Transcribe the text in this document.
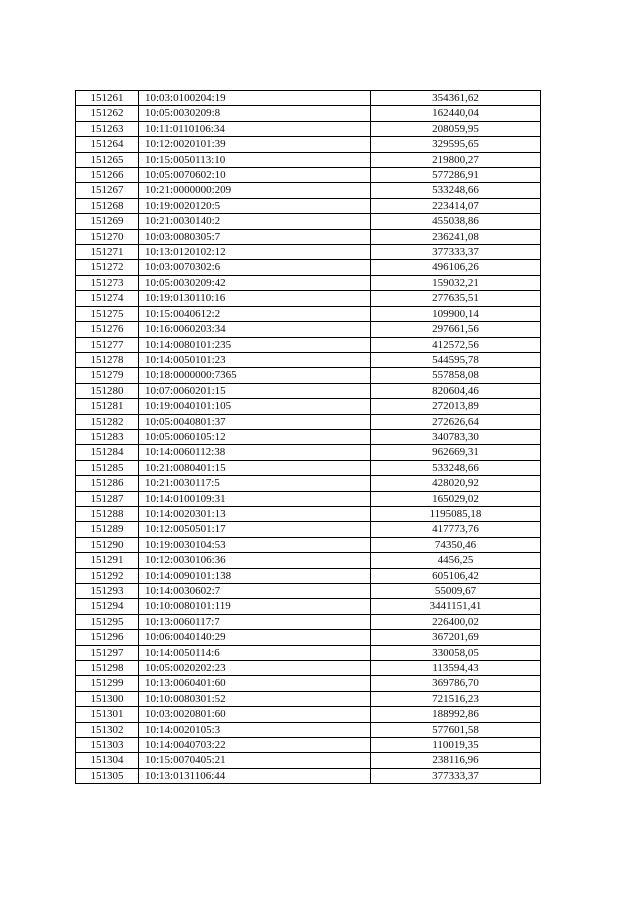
151261	10:03:0100204:19	354361,62
151262	10:05:0030209:8	162440,04
151263	10:11:0110106:34	208059,95
151264	10:12:0020101:39	329595,65
151265	10:15:0050113:10	219800,27
151266	10:05:0070602:10	577286,91
151267	10:21:0000000:209	533248,66
151268	10:19:0020120:5	223414,07
151269	10:21:0030140:2	455038,86
151270	10:03:0080305:7	236241,08
151271	10:13:0120102:12	377333,37
151272	10:03:0070302:6	496106,26
151273	10:05:0030209:42	159032,21
151274	10:19:0130110:16	277635,51
151275	10:15:0040612:2	109900,14
151276	10:16:0060203:34	297661,56
151277	10:14:0080101:235	412572,56
151278	10:14:0050101:23	544595,78
151279	10:18:0000000:7365	557858,08
151280	10:07:0060201:15	820604,46
151281	10:19:0040101:105	272013,89
151282	10:05:0040801:37	272626,64
151283	10:05:0060105:12	340783,30
151284	10:14:0060112:38	962669,31
151285	10:21:0080401:15	533248,66
151286	10:21:0030117:5	428020,92
151287	10:14:0100109:31	165029,02
151288	10:14:0020301:13	1195085,18
151289	10:12:0050501:17	417773,76
151290	10:19:0030104:53	74350,46
151291	10:12:0030106:36	4456,25
151292	10:14:0090101:138	605106,42
151293	10:14:0030602:7	55009,67
151294	10:10:0080101:119	3441151,41
151295	10:13:0060117:7	226400,02
151296	10:06:0040140:29	367201,69
151297	10:14:0050114:6	330058,05
151298	10:05:0020202:23	113594,43
151299	10:13:0060401:60	369786,70
151300	10:10:0080301:52	721516,23
151301	10:03:0020801:60	188992,86
151302	10:14:0020105:3	577601,58
151303	10:14:0040703:22	110019,35
151304	10:15:0070405:21	238116,96
151305	10:13:0131106:44	377333,37
